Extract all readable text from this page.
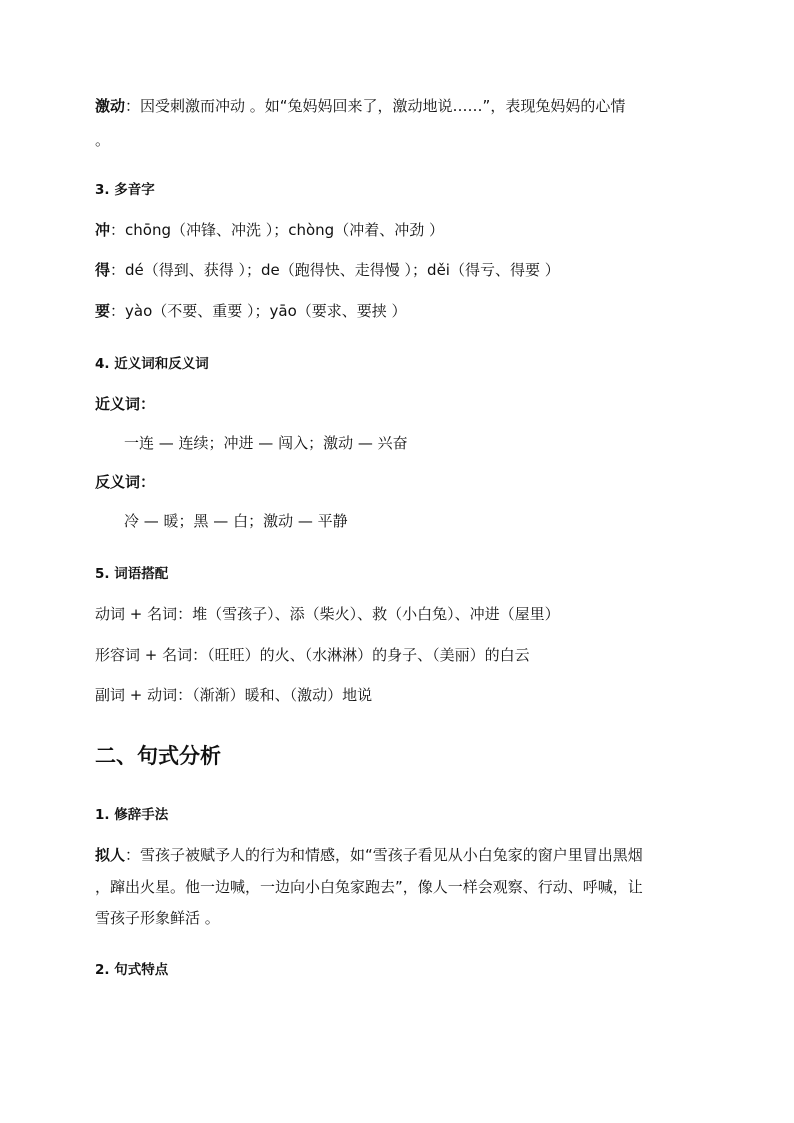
激动：因受刺激而冲动 。如“兔妈妈回来了，激动地说……”，表现兔妈妈的心情
。
3. 多音字
冲：chōng（冲锋、冲洗 ）；chòng（冲着、冲劲 ）
得：dé（得到、获得 ）；de（跑得快、走得慢 ）；děi（得亏、得要 ）
要：yào（不要、重要 ）；yāo（要求、要挟 ）
4. 近义词和反义词
近义词：
一连 — 连续；冲进 — 闯入；激动 — 兴奋
反义词：
冷 — 暖；黑 — 白；激动 — 平静
5. 词语搭配
动词 + 名词：堆（雪孩子）、添（柴火）、救（小白兔）、冲进（屋里）
形容词 + 名词：（旺旺）的火、（水淋淋）的身子、（美丽）的白云
副词 + 动词：（渐渐）暖和、（激动）地说
二、句式分析
1. 修辞手法
拟人：雪孩子被赋予人的行为和情感，如“雪孩子看见从小白兔家的窗户里冒出黑烟
，蹿出火星。他一边喊，一边向小白兔家跑去”，像人一样会观察、行动、呼喊，让
雪孩子形象鲜活 。
2. 句式特点
